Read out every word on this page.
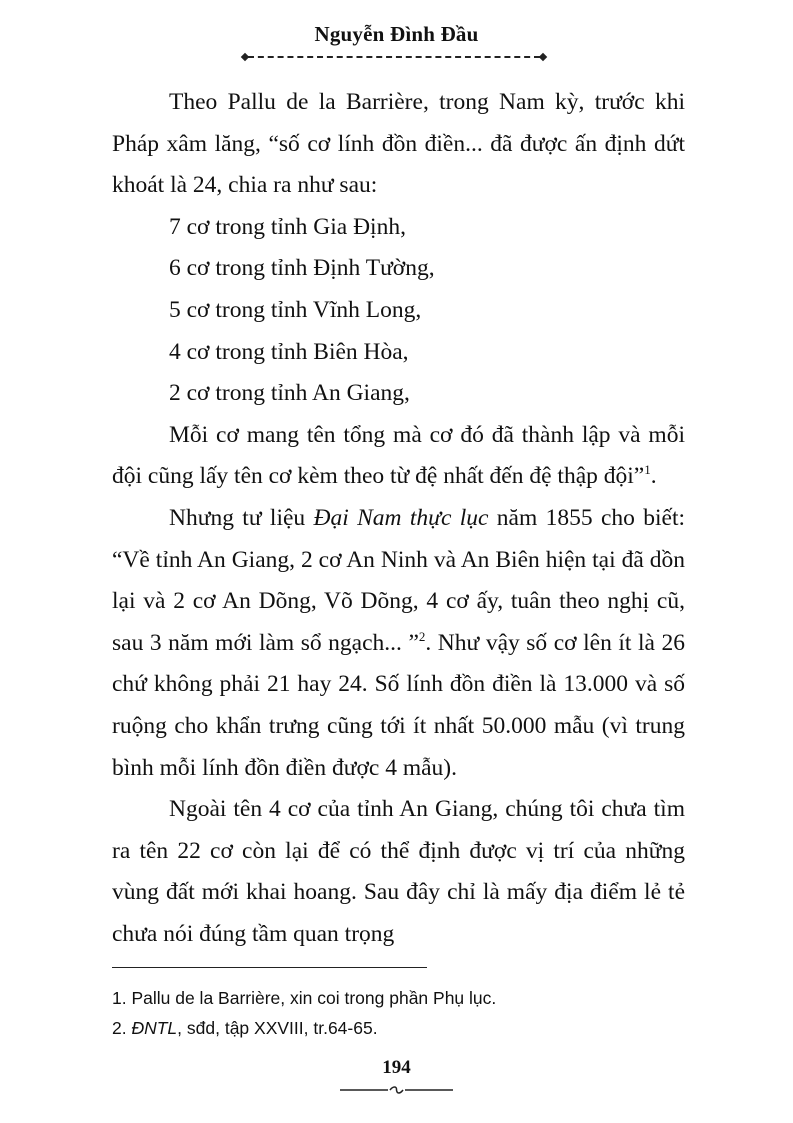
Nguyễn Đình Đầu

Theo Pallu de la Barrière, trong Nam kỳ, trước khi Pháp xâm lăng, “số cơ lính đồn điền... đã được ấn định dứt khoát là 24, chia ra như sau:

7 cơ trong tỉnh Gia Định,

6 cơ trong tỉnh Định Tường,

5 cơ trong tỉnh Vĩnh Long,

4 cơ trong tỉnh Biên Hòa,

2 cơ trong tỉnh An Giang,

Mỗi cơ mang tên tổng mà cơ đó đã thành lập và mỗi đội cũng lấy tên cơ kèm theo từ đệ nhất đến đệ thập đội”$^1$.

Nhưng tư liệu Đại Nam thực lục năm 1855 cho biết: “Về tỉnh An Giang, 2 cơ An Ninh và An Biên hiện tại đã dồn lại và 2 cơ An Dõng, Võ Dõng, 4 cơ ấy, tuân theo nghị cũ, sau 3 năm mới làm sổ ngạch... ”$^2$. Như vậy số cơ lên ít là 26 chứ không phải 21 hay 24. Số lính đồn điền là 13.000 và số ruộng cho khẩn trưng cũng tới ít nhất 50.000 mẫu (vì trung bình mỗi lính đồn điền được 4 mẫu).

Ngoài tên 4 cơ của tỉnh An Giang, chúng tôi chưa tìm ra tên 22 cơ còn lại để có thể định được vị trí của những vùng đất mới khai hoang. Sau đây chỉ là mấy địa điểm lẻ tẻ chưa nói đúng tầm quan trọng

1. Pallu de la Barrière, xin coi trong phần Phụ lục.

2. ĐNTL, sđd, tập XXVIII, tr.64-65.

194
